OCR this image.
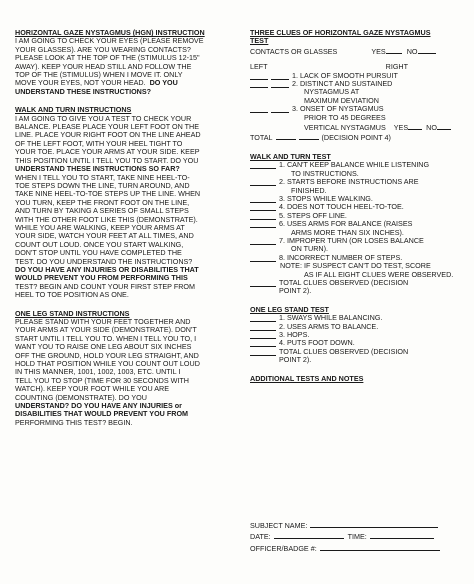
HORIZONTAL GAZE NYSTAGMUS (HGN) INSTRUCTION
I AM GOING TO CHECK YOUR EYES (PLEASE REMOVE
YOUR GLASSES). ARE YOU WEARING CONTACTS?
PLEASE LOOK AT THE TOP OF THE (STIMULUS 12-15"
AWAY). KEEP YOUR HEAD STILL AND FOLLOW THE
TOP OF THE (STIMULUS) WHEN I MOVE IT. ONLY
MOVE YOUR EYES, NOT YOUR HEAD. DO YOU
UNDERSTAND THESE INSTRUCTIONS?
WALK AND TURN INSTRUCTIONS
I AM GOING TO GIVE YOU A TEST TO CHECK YOUR
BALANCE. PLEASE PLACE YOUR LEFT FOOT ON THE
LINE. PLACE YOUR RIGHT FOOT ON THE LINE AHEAD
OF THE LEFT FOOT, WITH YOUR HEEL TIGHT TO
YOUR TOE. PLACE YOUR ARMS AT YOUR SIDE. KEEP
THIS POSITION UNTIL I TELL YOU TO START. DO YOU
UNDERSTAND THESE INSTRUCTIONS SO FAR?
WHEN I TELL YOU TO START, TAKE NINE HEEL-TO-
TOE STEPS DOWN THE LINE, TURN AROUND, AND
TAKE NINE HEEL-TO-TOE STEPS UP THE LINE. WHEN
YOU TURN, KEEP THE FRONT FOOT ON THE LINE,
AND TURN BY TAKING A SERIES OF SMALL STEPS
WITH THE OTHER FOOT LIKE THIS (DEMONSTRATE).
WHILE YOU ARE WALKING, KEEP YOUR ARMS AT
YOUR SIDE, WATCH YOUR FEET AT ALL TIMES, AND
COUNT OUT LOUD. ONCE YOU START WALKING,
DON'T STOP UNTIL YOU HAVE COMPLETED THE
TEST. DO YOU UNDERSTAND THE INSTRUCTIONS?
DO YOU HAVE ANY INJURIES OR DISABILITIES THAT
WOULD PREVENT YOU FROM PERFORMING THIS
TEST? BEGIN AND COUNT YOUR FIRST STEP FROM
HEEL TO TOE POSITION AS ONE.
ONE LEG STAND INSTRUCTIONS
PLEASE STAND WITH YOUR FEET TOGETHER AND
YOUR ARMS AT YOUR SIDE (DEMONSTRATE). DON'T
START UNTIL I TELL YOU TO. WHEN I TELL YOU TO, I
WANT YOU TO RAISE ONE LEG ABOUT SIX INCHES
OFF THE GROUND, HOLD YOUR LEG STRAIGHT, AND
HOLD THAT POSITION WHILE YOU COUNT OUT LOUD
IN THIS MANNER, 1001, 1002, 1003, ETC. UNTIL I
TELL YOU TO STOP (TIME FOR 30 SECONDS WITH
WATCH). KEEP YOUR FOOT WHILE YOU ARE
COUNTING (DEMONSTRATE). DO YOU
UNDERSTAND? DO YOU HAVE ANY INJURIES or
DISABILITIES THAT WOULD PREVENT YOU FROM
PERFORMING THIS TEST? BEGIN.
THREE CLUES OF HORIZONTAL GAZE NYSTAGMUS
TEST
CONTACTS OR GLASSES	YES	NO
LEFT	RIGHT
1. LACK OF SMOOTH PURSUIT
2. DISTINCT AND SUSTAINED
NYSTAGMUS AT
MAXIMUM DEVIATION
3. ONSET OF NYSTAGMUS
PRIOR TO 45 DEGREES
VERTICAL NYSTAGMUS YES	NO
TOTAL	(DECISION POINT 4)
WALK AND TURN TEST
1. CAN'T KEEP BALANCE WHILE LISTENING
TO INSTRUCTIONS.
2. STARTS BEFORE INSTRUCTIONS ARE
FINISHED.
3. STOPS WHILE WALKING.
4. DOES NOT TOUCH HEEL-TO-TOE.
5. STEPS OFF LINE.
6. USES ARMS FOR BALANCE (RAISES
ARMS MORE THAN SIX INCHES).
7. IMPROPER TURN (OR LOSES BALANCE
ON TURN).
8. INCORRECT NUMBER OF STEPS.
NOTE: IF SUSPECT CAN'T DO TEST, SCORE
AS IF ALL EIGHT CLUES WERE OBSERVED.
TOTAL CLUES OBSERVED (DECISION
POINT 2).
ONE LEG STAND TEST
1. SWAYS WHILE BALANCING.
2. USES ARMS TO BALANCE.
3. HOPS.
4. PUTS FOOT DOWN.
TOTAL CLUES OBSERVED (DECISION
POINT 2).
ADDITIONAL TESTS AND NOTES
SUBJECT NAME:
DATE:	TIME:
OFFICER/BADGE #:
